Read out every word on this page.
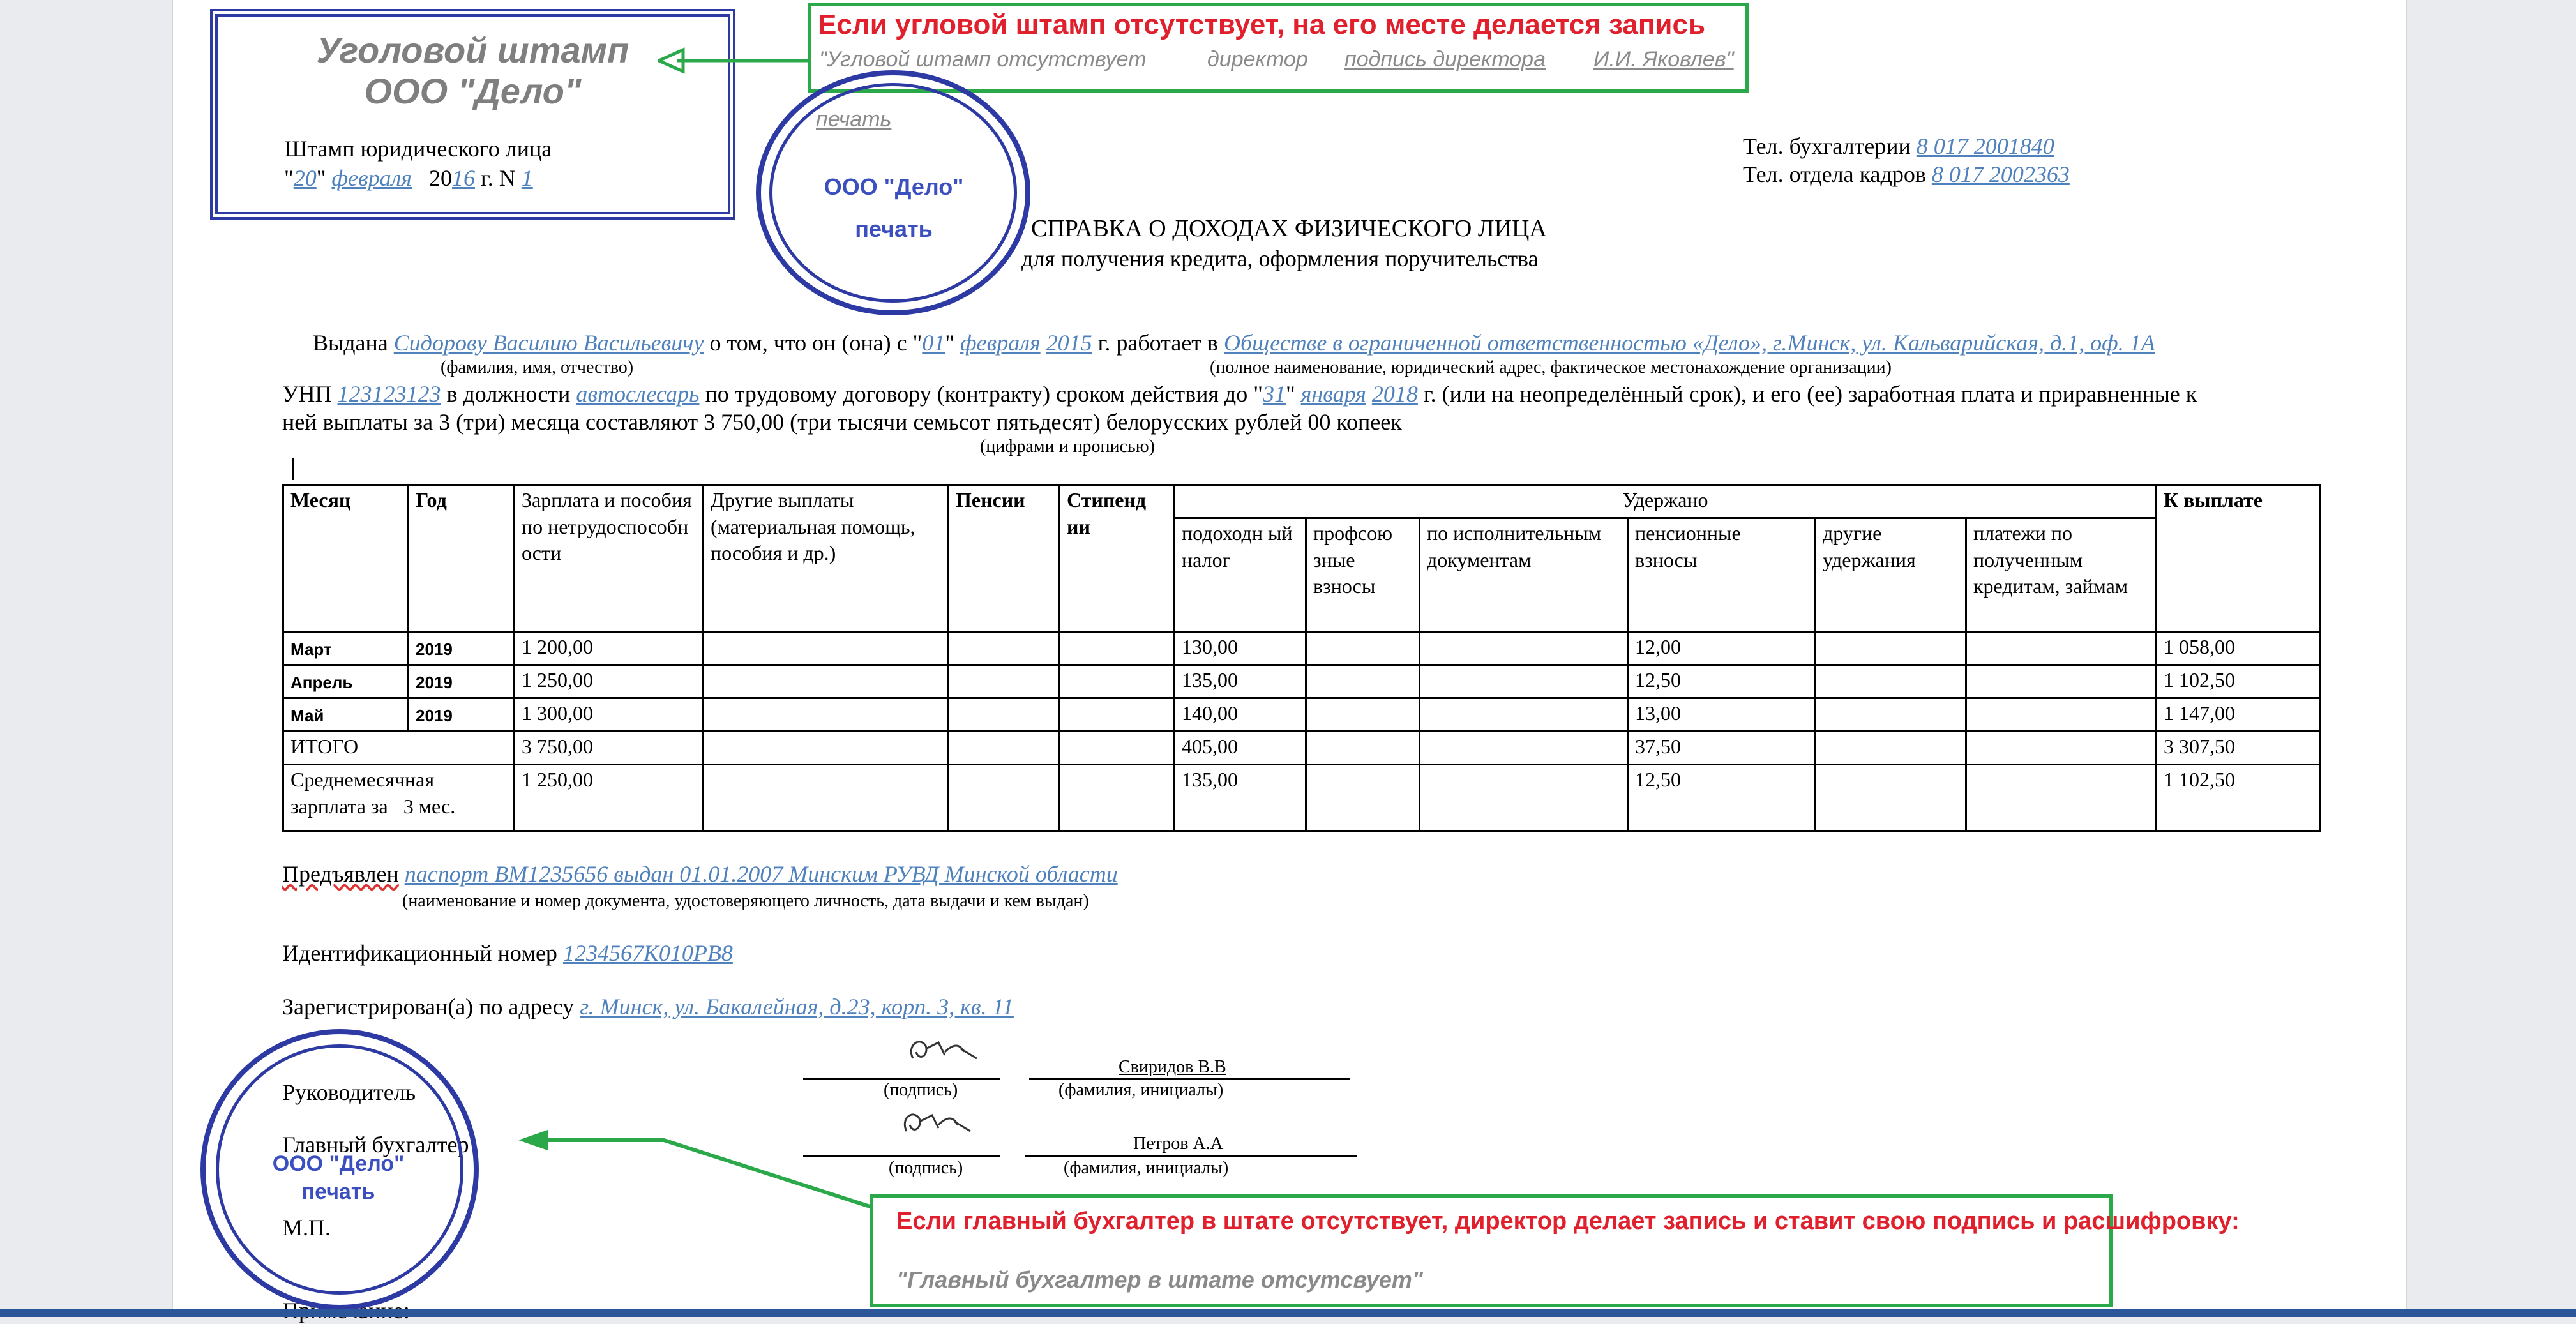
Уголовой штамп
ООО "Дело"
Штамп юридического лица
"20" февраля 2016 г. N 1
Если угловой штамп отсутствует, на его месте делается запись
"Угловой штамп отсутствует	директор подпись директора И.И. Яковлев"
печать
ООО "Дело"
печать
Тел. бухгалтерии 8 017 2001840
Тел. отдела кадров 8 017 2002363
СПРАВКА О ДОХОДАХ ФИЗИЧЕСКОГО ЛИЦА
для получения кредита, оформления поручительства
Выдана Сидорову Василию Васильевичу о том, что он (она) с "01" февраля 2015 г. работает в Обществе в ограниченной ответственностью «Дело», г.Минск, ул. Кальварийская, д.1, оф. 1А
(фамилия, имя, отчество)	(полное наименование, юридический адрес, фактическое местонахождение организации)
УНП 123123123 в должности автослесарь по трудовому договору (контракту) сроком действия до "31" января 2018 г. (или на неопределённый срок), и его (ее) заработная плата и приравненные к
ней выплаты за 3 (три) месяца составляют 3 750,00 (три тысячи семьсот пятьдесят) белорусских рублей 00 копеек
(цифрами и прописью)
Месяц	Год	Зарплата и пособия по нетрудоспособн ости	Другие выплаты (материальная помощь, пособия и др.)	Пенсии	Стипенд ии	Удержано						К выплате
						подоходн ый налог	профсою зные взносы	по исполнительным документам	пенсионные взносы	другие удержания	платежи по полученным кредитам, займам	
Март	2019	1 200,00				130,00			12,00			1 058,00
Апрель	2019	1 250,00				135,00			12,50			1 102,50
Май	2019	1 300,00				140,00			13,00			1 147,00
ИТОГО		3 750,00				405,00			37,50			3 307,50
Среднемесячная зарплата за   3 мес.		1 250,00				135,00			12,50			1 102,50
Предъявлен паспорт ВМ1235656 выдан 01.01.2007 Минским РУВД Минской области
(наименование и номер документа, удостоверяющего личность, дата выдачи и кем выдан)
Идентификационный номер 1234567К010РВ8
Зарегистрирован(а) по адресу г. Минск, ул. Бакалейная, д.23, корп. 3, кв. 11
Руководитель	(подпись)
Свиридов В.В
(фамилия, инициалы)
Главный бухгалтер
(подпись)
Петров А.А
(фамилия, инициалы)
М.П.
ООО "Дело"
печать
Если главный бухгалтер в штате отсутствует, директор делает запись и ставит свою подпись и расшифровку:
"Главный бухгалтер в штате отсутсвует"
